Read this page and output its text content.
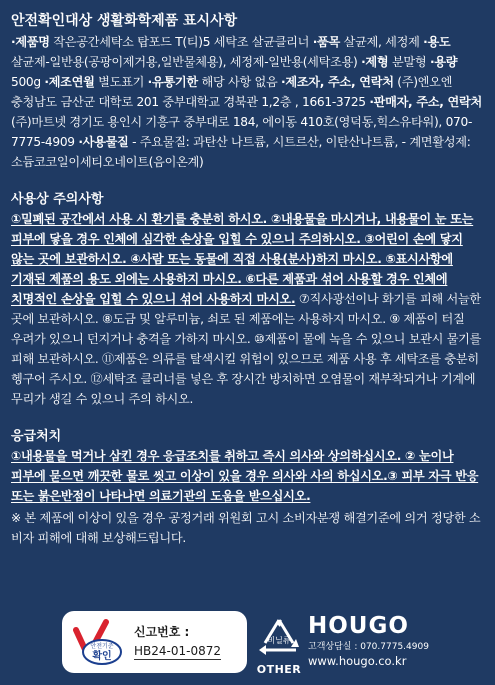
안전확인대상 생활화학제품 표시사항
·제품명 작은공간세탁소 탑포드 T(티)5 세탁조 살균클리너 ·품목 살균제, 세정제 ·용도 살균제-일반용(공팡이제거용,일반물체용), 세정제-일반용(세탁조용) ·제형 분말형 ·용량 500g ·제조연월 별도표기 ·유통기한 해당 사항 없음 ·제조자, 주소, 연락처 (주)엔오엔 충청남도 금산군 대학로 201 중부대학교 경북관 1,2층 , 1661-3725 ·판매자, 주소, 연락처 (주)마트넷 경기도 용인시 기흥구 중부대로 184, 에이동 410호(영덕동,힉스유타워), 070-7775-4909 ·사용물질 - 주요물질: 과탄산 나트륨, 시트르산, 이탄산나트륨, - 계면활성제: 소듐코코일이세티오네이트(음이온계)
사용상 주의사항
①밀폐된 공간에서 사용 시 환기를 충분히 하시오. ②내용물을 마시거나, 내용물이 눈 또는 피부에 닿을 경우 인체에 심각한 손상을 입힐 수 있으니 주의하시오. ③어린이 손에 닿지 않는 곳에 보관하시오. ④사람 또는 동물에 직접 사용(분사)하지 마시오. ⑤표시사항에 기재된 제품의 용도 외에는 사용하지 마시오. ⑥다른 제품과 섞어 사용할 경우 인체에 치명적인 손상을 입힐 수 있으니 섞어 사용하지 마시오. ⑦직사광선이나 화기를 피해 서늘한 곳에 보관하시오. ⑧도금 및 알루미늄, 쇠로 된 제품에는 사용하지 마시오. ⑨ 제품이 터질 우려가 있으니 던지거나 충격을 가하지 마시오. ⑩제품이 물에 녹을 수 있으니 보관시 물기를 피해 보관하시오. ⑪제품은 의류를 탈색시킬 위험이 있으므로 제품 사용 후 세탁조를 충분히 헹구어 주시오. ⑫세탁조 클리너를 넣은 후 장시간 방치하면 오염물이 재부착되거나 기계에 무리가 생길 수 있으니 주의 하시오.
응급처치
①내용물을 먹거나 삼킨 경우 응급조치를 취하고 즉시 의사와 상의하십시오. ② 눈이나 피부에 묻으면 깨끗한 물로 씻고 이상이 있을 경우 의사와 사의 하십시오.③ 피부 자극 반응 또는 붉은반점이 나타나면 의료기관의 도움을 받으십시오.
※ 본 제품에 이상이 있을 경우 공정거래 위원회 고시 소비자분쟁 해결기준에 의거 정당한 소비자 피해에 대해 보상해드립니다.
안전기준
확인
신고번호 :
HB24-01-0872
비닐류
OTHER
HOUGO
고객상담실 : 070.7775.4909
www.hougo.co.kr
